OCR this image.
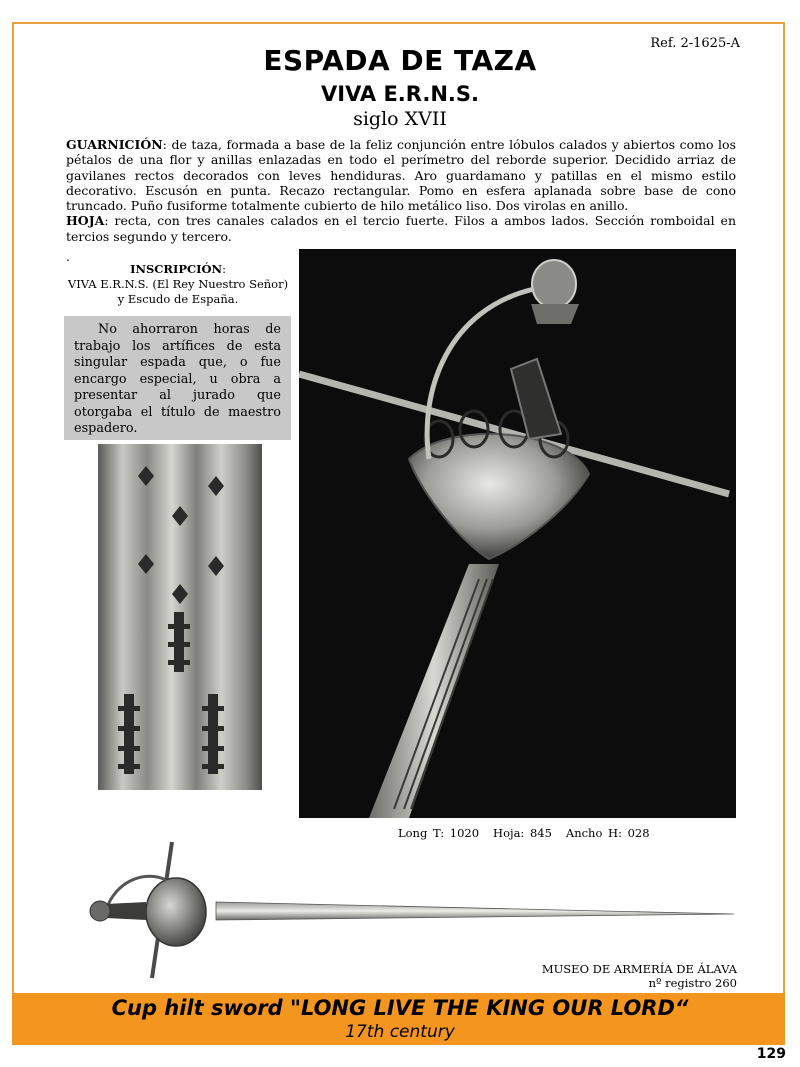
Ref. 2-1625-A
ESPADA DE TAZA
VIVA E.R.N.S.
siglo XVII
GUARNICIÓN: de taza, formada a base de la feliz conjunción entre lóbulos calados y abiertos como los pétalos de una flor y anillas enlazadas en todo el perímetro del reborde superior. Decidido arriaz de gavilanes rectos decorados con leves hendiduras. Aro guardamano y patillas en el mismo estilo decorativo. Escusón en punta. Recazo rectangular. Pomo en esfera aplanada sobre base de cono truncado. Puño fusiforme totalmente cubierto de hilo metálico liso. Dos virolas en anillo.
HOJA: recta, con tres canales calados en el tercio fuerte. Filos a ambos lados. Sección romboidal en tercios segundo y tercero.
.
INSCRIPCIÓN:
VIVA E.R.N.S. (El Rey Nuestro Señor)
y Escudo de España.
No ahorraron horas de trabajo los artífices de esta singular espada que, o fue encargo especial, u obra a presentar al jurado que otorgaba el título de maestro espadero.
Long T: 1020 Hoja: 845 Ancho H: 028
MUSEO DE ARMERÍA DE ÁLAVA
nº registro 260
Cup hilt sword "LONG LIVE THE KING OUR LORD“
17th century
129
